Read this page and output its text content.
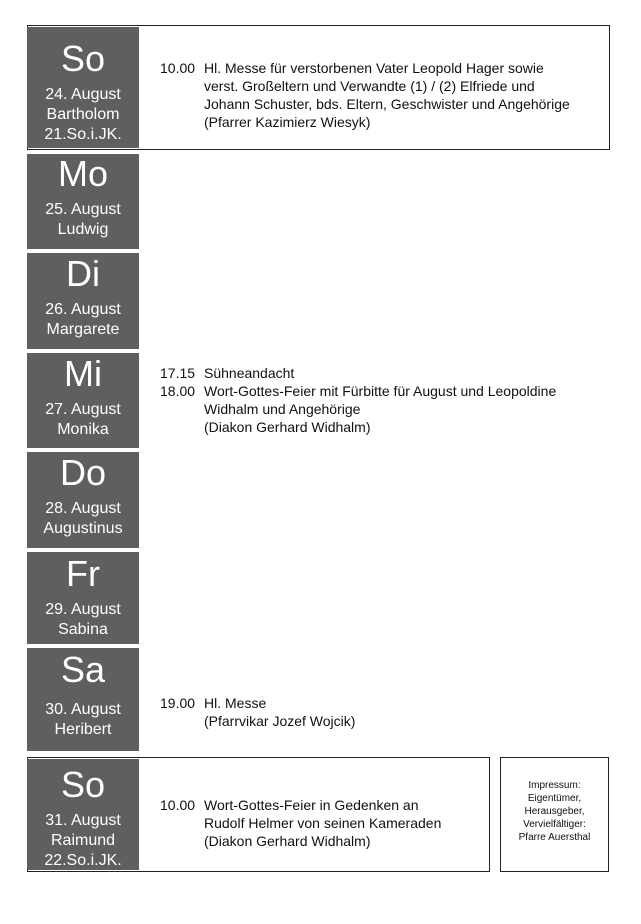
So
24. August
Bartholom
21.So.i.JK.
Mo
25. August
Ludwig
Di
26. August
Margarete
Mi
27. August
Monika
Do
28. August
Augustinus
Fr
29. August
Sabina
Sa
30. August
Heribert
So
31. August
Raimund
22.So.i.JK.
10.00 Hl. Messe für verstorbenen Vater Leopold Hager sowie
verst. Großeltern und Verwandte (1) / (2) Elfriede und
Johann Schuster, bds. Eltern, Geschwister und Angehörige
(Pfarrer Kazimierz Wiesyk)
17.15 Sühneandacht
18.00 Wort-Gottes-Feier mit Fürbitte für August und Leopoldine
Widhalm und Angehörige
(Diakon Gerhard Widhalm)
19.00 Hl. Messe
(Pfarrvikar Jozef Wojcik)
10.00 Wort-Gottes-Feier in Gedenken an
Rudolf Helmer von seinen Kameraden
(Diakon Gerhard Widhalm)
Impressum:
Eigentümer,
Herausgeber,
Vervielfältiger:
Pfarre Auersthal
